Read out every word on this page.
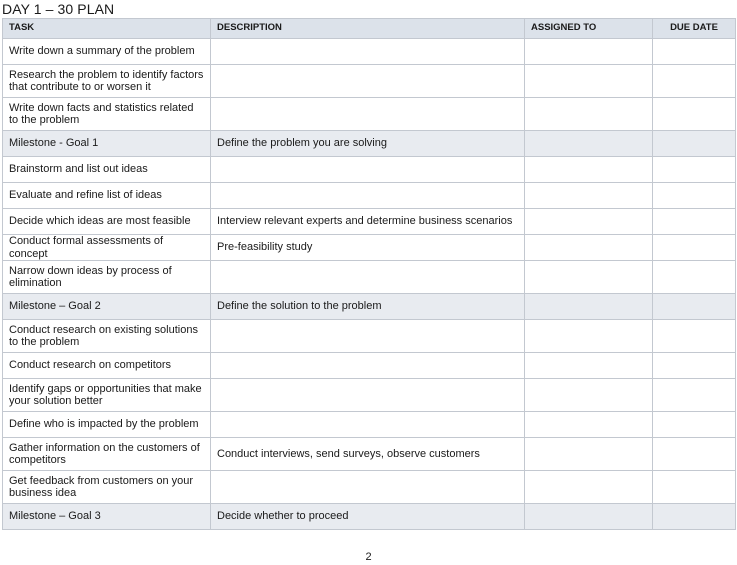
DAY 1 – 30 PLAN
TASK	DESCRIPTION	ASSIGNED TO	DUE DATE
Write down a summary of the problem			
Research the problem to identify factors that contribute to or worsen it			
Write down facts and statistics related to the problem			
Milestone - Goal 1	Define the problem you are solving		
Brainstorm and list out ideas			
Evaluate and refine list of ideas			
Decide which ideas are most feasible	Interview relevant experts and determine business scenarios		
Conduct formal assessments of concept	Pre-feasibility study		
Narrow down ideas by process of elimination			
Milestone – Goal 2	Define the solution to the problem		
Conduct research on existing solutions to the problem			
Conduct research on competitors			
Identify gaps or opportunities that make your solution better			
Define who is impacted by the problem			
Gather information on the customers of competitors	Conduct interviews, send surveys, observe customers		
Get feedback from customers on your business idea			
Milestone – Goal 3	Decide whether to proceed		
2
